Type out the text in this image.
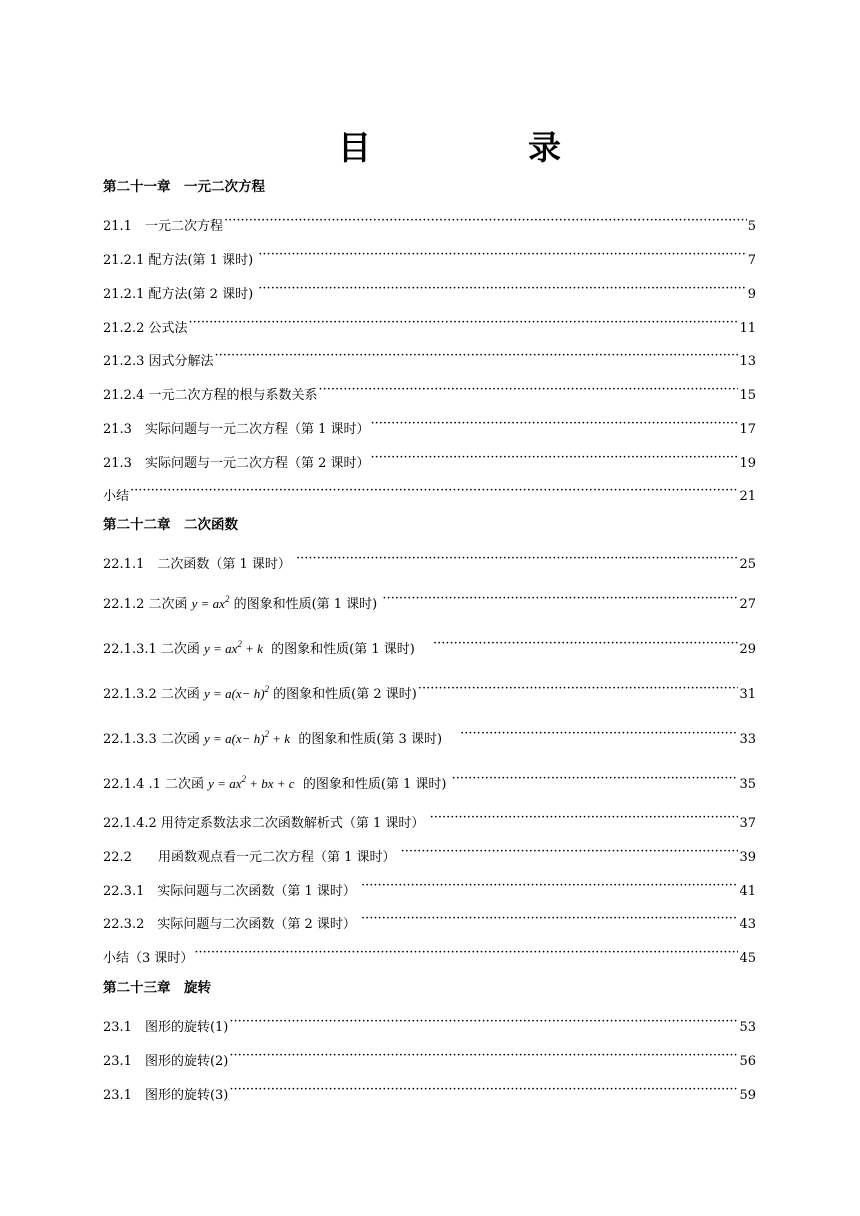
目	录
第二十一章　一元二次方程
21.1　一元二次方程 ·····	5
21.2.1 配方法(第 1 课时) ·····	7
21.2.1 配方法(第 2 课时) ·····	9
21.2.2 公式法 ·····	11
21.2.3 因式分解法 ·····	13
21.2.4 一元二次方程的根与系数关系 ·····	15
21.3　实际问题与一元二次方程（第 1 课时） ·····	17
21.3　实际问题与一元二次方程（第 2 课时） ·····	19
小结 ·····	21
第二十二章　二次函数
22.1.1　二次函数（第 1 课时） ·····	25
22.1.2 二次函 $y = ax^2$ 的图象和性质(第 1 课时) ·····	27
22.1.3.1 二次函 $y = ax^2 + k$  的图象和性质(第 1 课时)　 ·····	29
22.1.3.2 二次函 $y = a(x- h)^2$ 的图象和性质(第 2 课时) ·····	31
22.1.3.3 二次函 $y = a(x- h)^2 + k$  的图象和性质(第 3 课时)　 ·····	33
22.1.4 .1 二次函 $y = ax^2$ + bx + c  的图象和性质(第 1 课时) ·····	35
22.1.4.2 用待定系数法求二次函数解析式（第 1 课时） ·····	37
22.2　　用函数观点看一元二次方程（第 1 课时） ·····	39
22.3.1　实际问题与二次函数（第 1 课时） ·····	41
22.3.2　实际问题与二次函数（第 2 课时） ·····	43
小结（3 课时） ·····	45
第二十三章　旋转
23.1　图形的旋转(1) ·····	53
23.1　图形的旋转(2) ·····	56
23.1　图形的旋转(3) ·····	59
